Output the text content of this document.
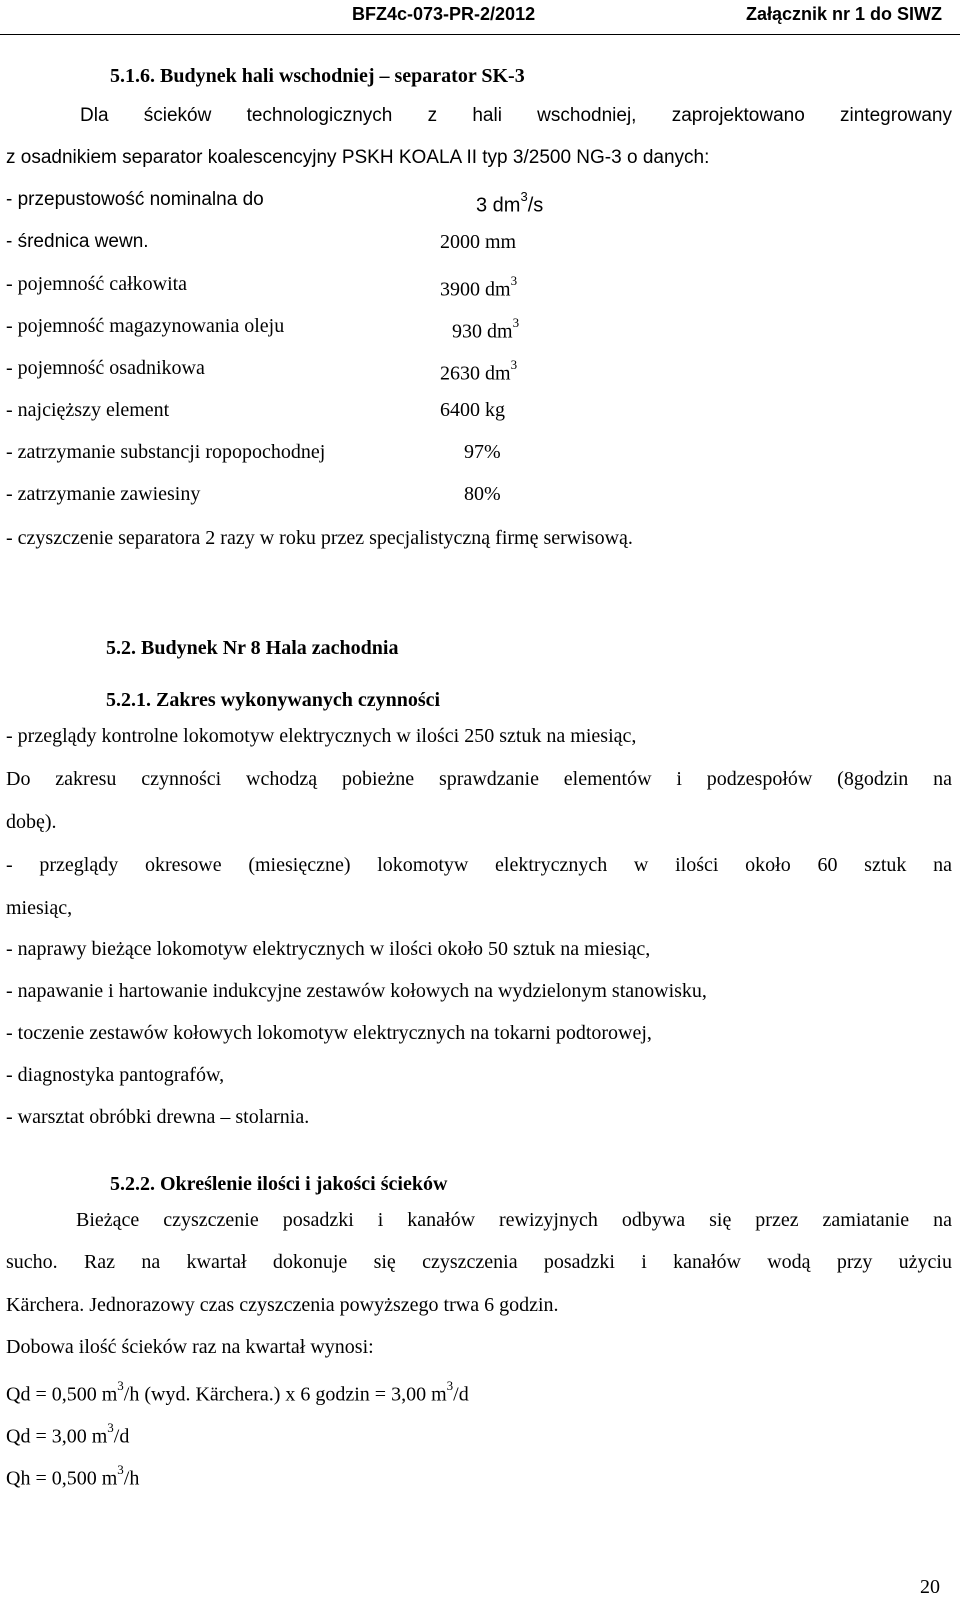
BFZ4c-073-PR-2/2012	Załącznik nr 1 do SIWZ
5.1.6. Budynek hali wschodniej – separator SK-3
Dla ścieków technologicznych z hali wschodniej, zaprojektowano zintegrowany
z osadnikiem separator koalescencyjny PSKH KOALA II typ 3/2500 NG-3 o danych:
- przepustowość nominalna do	3 $dm^3/s$
- średnica wewn.	2000 mm
- pojemność całkowita	3900 $dm^3$
- pojemność magazynowania oleju	930 $dm^3$
- pojemność osadnikowa	2630 $dm^3$
- najcięższy element	6400 kg
- zatrzymanie substancji ropopochodnej	97%
- zatrzymanie zawiesiny	80%
- czyszczenie separatora 2 razy w roku przez specjalistyczną firmę serwisową.
5.2. Budynek Nr 8 Hala zachodnia
5.2.1. Zakres wykonywanych czynności
- przeglądy kontrolne lokomotyw elektrycznych w ilości 250 sztuk na miesiąc,
Do zakresu czynności wchodzą pobieżne sprawdzanie elementów i podzespołów (8godzin na
dobę).
- przeglądy okresowe (miesięczne) lokomotyw elektrycznych w ilości około 60 sztuk na
miesiąc,
- naprawy bieżące lokomotyw elektrycznych w ilości około 50 sztuk na miesiąc,
- napawanie i hartowanie indukcyjne zestawów kołowych na wydzielonym stanowisku,
- toczenie zestawów kołowych lokomotyw elektrycznych na tokarni podtorowej,
- diagnostyka pantografów,
- warsztat obróbki drewna – stolarnia.
5.2.2. Określenie ilości i jakości ścieków
Bieżące czyszczenie posadzki i kanałów rewizyjnych odbywa się przez zamiatanie na
sucho. Raz na kwartał dokonuje się czyszczenia posadzki i kanałów wodą przy użyciu
Kärchera. Jednorazowy czas czyszczenia powyższego trwa 6 godzin.
Dobowa ilość ścieków raz na kwartał wynosi:
Qd = 0,500 $m^3/h$ (wyd. Kärchera.) x 6 godzin = 3,00 $m^3/d$
Qd = 3,00 $m^3/d$
Qh = 0,500 $m^3/h$
20
